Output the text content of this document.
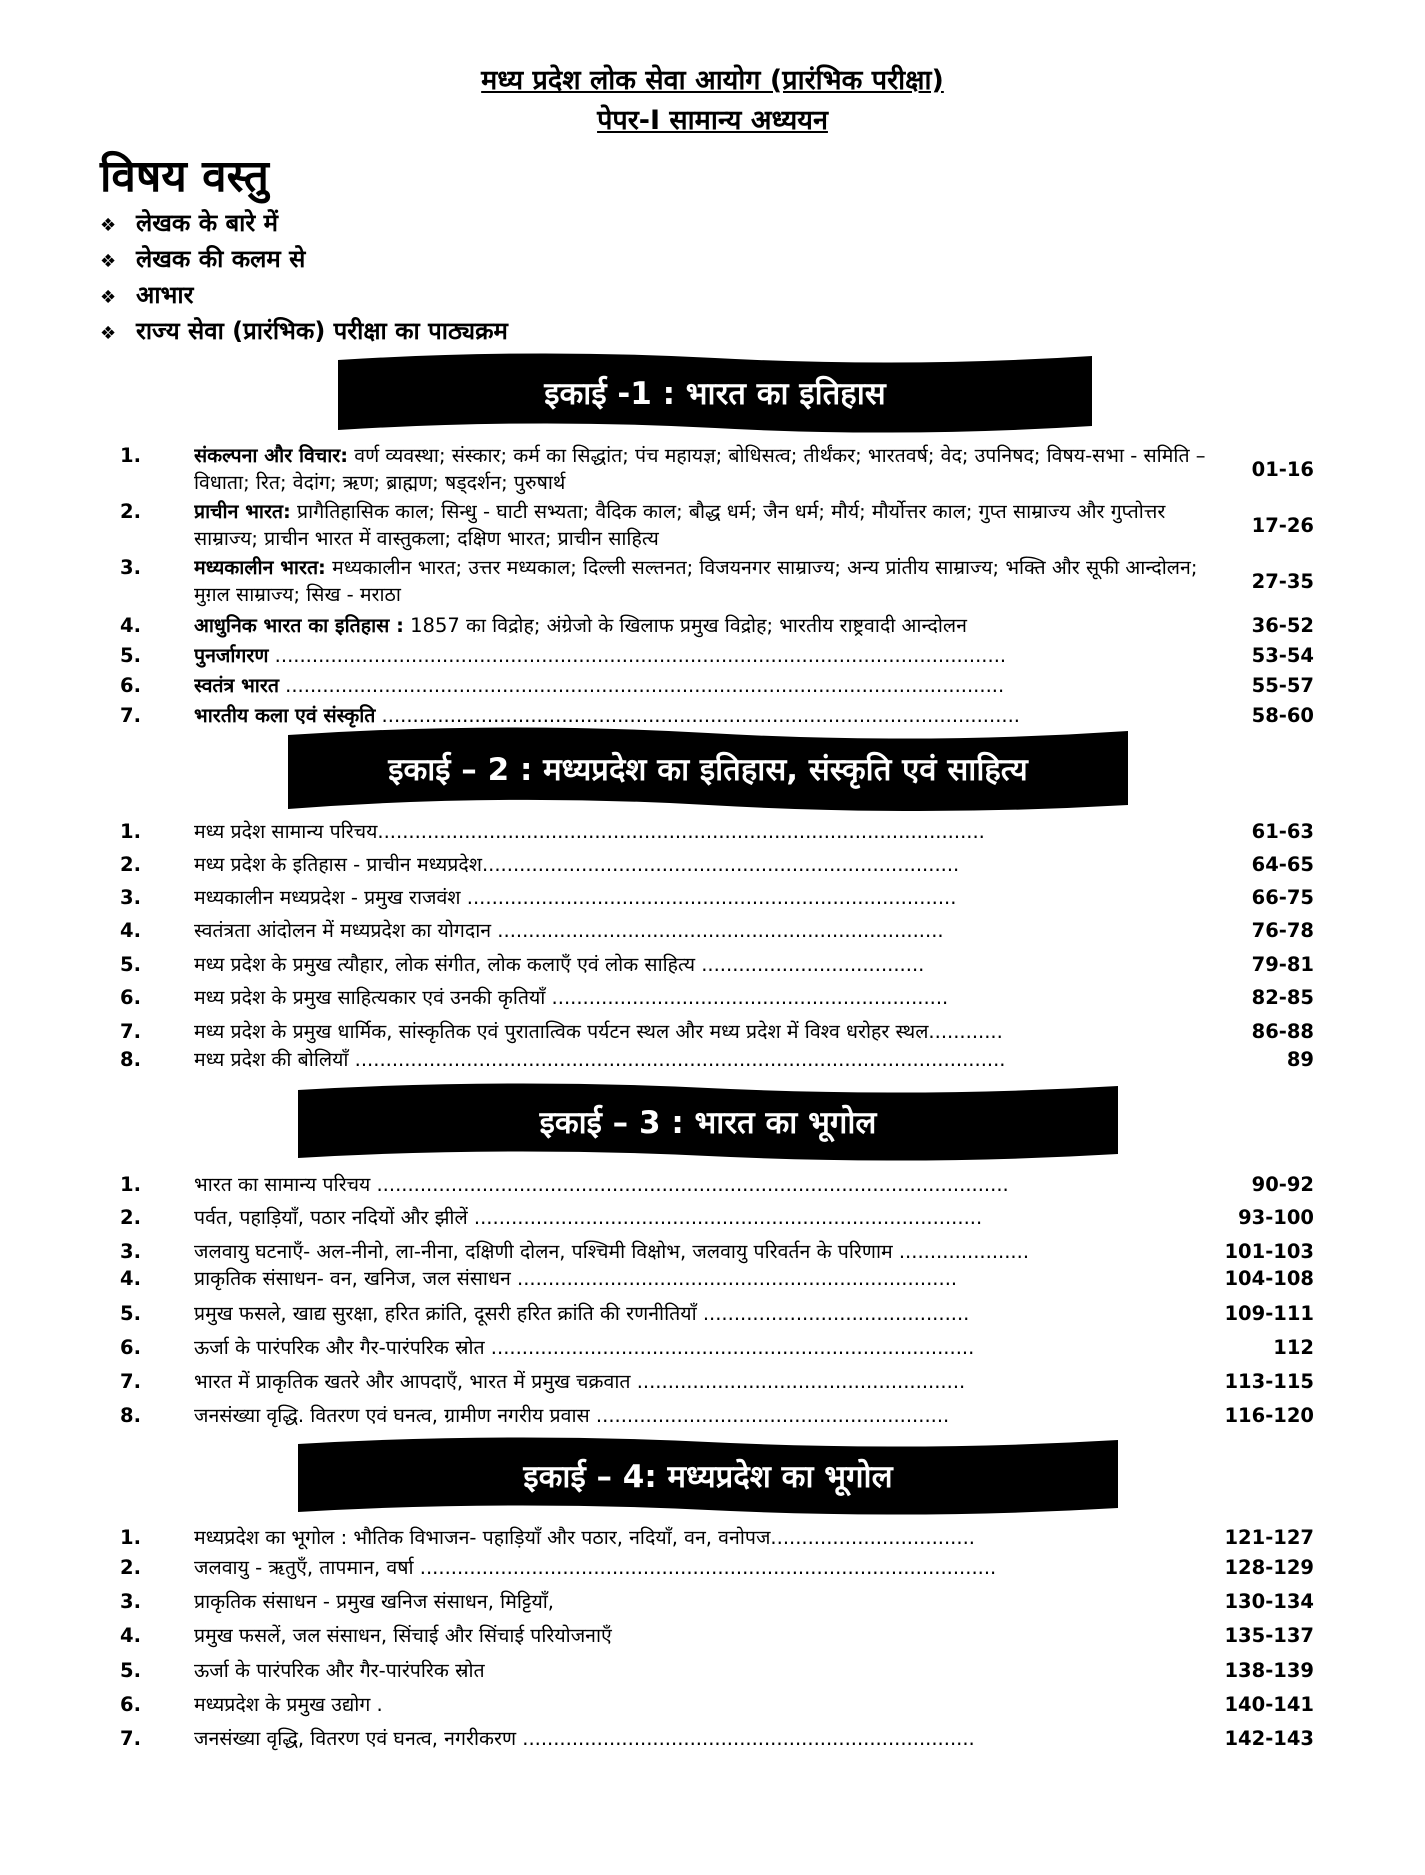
मध्य प्रदेश लोक सेवा आयोग (प्रारंभिक परीक्षा)
पेपर-I सामान्य अध्ययन
विषय वस्तु
❖ लेखक के बारे में
❖ लेखक की कलम से
❖ आभार
❖ राज्य सेवा (प्रारंभिक) परीक्षा का पाठ्यक्रम
इकाई -1 : भारत का इतिहास
1.	संकल्पना और विचार: वर्ण व्यवस्था; संस्कार; कर्म का सिद्धांत; पंच महायज्ञ; बोधिसत्व; तीर्थंकर; भारतवर्ष; वेद; उपनिषद; विषय-सभा - समिति – विधाता; रित; वेदांग; ऋण; ब्राह्मण; षड्दर्शन; पुरुषार्थ
01-16
2.	प्राचीन भारत: प्रागैतिहासिक काल; सिन्धु - घाटी सभ्यता; वैदिक काल; बौद्ध धर्म; जैन धर्म; मौर्य; मौर्योत्तर काल; गुप्त साम्राज्य और गुप्तोत्तर साम्राज्य; प्राचीन भारत में वास्तुकला; दक्षिण भारत; प्राचीन साहित्य
17-26
3.	मध्यकालीन भारत: मध्यकालीन भारत; उत्तर मध्यकाल; दिल्ली सल्तनत; विजयनगर साम्राज्य; अन्य प्रांतीय साम्राज्य; भक्ति और सूफी आन्दोलन; मुग़ल साम्राज्य; सिख - मराठा
27-35
4.	आधुनिक भारत का इतिहास : 1857 का विद्रोह; अंग्रेजो के खिलाफ प्रमुख विद्रोह; भारतीय राष्ट्रवादी आन्दोलन	36-52
5.	पुनर्जागरण ......................................................................................................................	53-54
6.	स्वतंत्र भारत ....................................................................................................................	55-57
7.	भारतीय कला एवं संस्कृति .......................................................................................................	58-60
इकाई – 2 : मध्यप्रदेश का इतिहास, संस्कृति एवं साहित्य
1.	मध्य प्रदेश सामान्य परिचय..................................................................................................	61-63
2.	मध्य प्रदेश के इतिहास - प्राचीन मध्यप्रदेश.............................................................................	64-65
3.	मध्यकालीन मध्यप्रदेश - प्रमुख राजवंश ...............................................................................	66-75
4.	स्वतंत्रता आंदोलन में मध्यप्रदेश का योगदान ........................................................................	76-78
5.	मध्य प्रदेश के प्रमुख त्यौहार, लोक संगीत, लोक कलाएँ एवं लोक साहित्य ....................................	79-81
6.	मध्य प्रदेश के प्रमुख साहित्यकार एवं उनकी कृतियाँ ................................................................	82-85
7.	मध्य प्रदेश के प्रमुख धार्मिक, सांस्कृतिक एवं पुरातात्विक पर्यटन स्थल और मध्य प्रदेश में विश्व धरोहर स्थल............	86-88
8.	मध्य प्रदेश की बोलियाँ .........................................................................................................	89
इकाई – 3 : भारत का भूगोल
1.	भारत का सामान्य परिचय ......................................................................................................	90-92
2.	पर्वत, पहाड़ियाँ, पठार नदियों और झीलें ..................................................................................	93-100
3.	जलवायु घटनाएँ- अल-नीनो, ला-नीना, दक्षिणी दोलन, पश्चिमी विक्षोभ, जलवायु परिवर्तन के परिणाम .....................	101-103
4.	प्राकृतिक संसाधन- वन, खनिज, जल संसाधन .......................................................................	104-108
5.	प्रमुख फसले, खाद्य सुरक्षा, हरित क्रांति, दूसरी हरित क्रांति की रणनीतियाँ ...........................................	109-111
6.	ऊर्जा के पारंपरिक और गैर-पारंपरिक स्रोत ..............................................................................	112
7.	भारत में प्राकृतिक खतरे और आपदाएँ, भारत में प्रमुख चक्रवात .....................................................	113-115
8.	जनसंख्या वृद्धि. वितरण एवं घनत्व, ग्रामीण नगरीय प्रवास .........................................................	116-120
इकाई – 4: मध्यप्रदेश का भूगोल
1.	मध्यप्रदेश का भूगोल : भौतिक विभाजन- पहाड़ियाँ और पठार, नदियाँ, वन, वनोपज.................................	121-127
2.	जलवायु - ऋतुएँ, तापमान, वर्षा .............................................................................................	128-129
3.	प्राकृतिक संसाधन - प्रमुख खनिज संसाधन, मिट्टियाँ,	130-134
4.	प्रमुख फसलें, जल संसाधन, सिंचाई और सिंचाई परियोजनाएँ	135-137
5.	ऊर्जा के पारंपरिक और गैर-पारंपरिक स्रोत	138-139
6.	मध्यप्रदेश के प्रमुख उद्योग .	140-141
7.	जनसंख्या वृद्धि, वितरण एवं घनत्व, नगरीकरण .........................................................................	142-143
